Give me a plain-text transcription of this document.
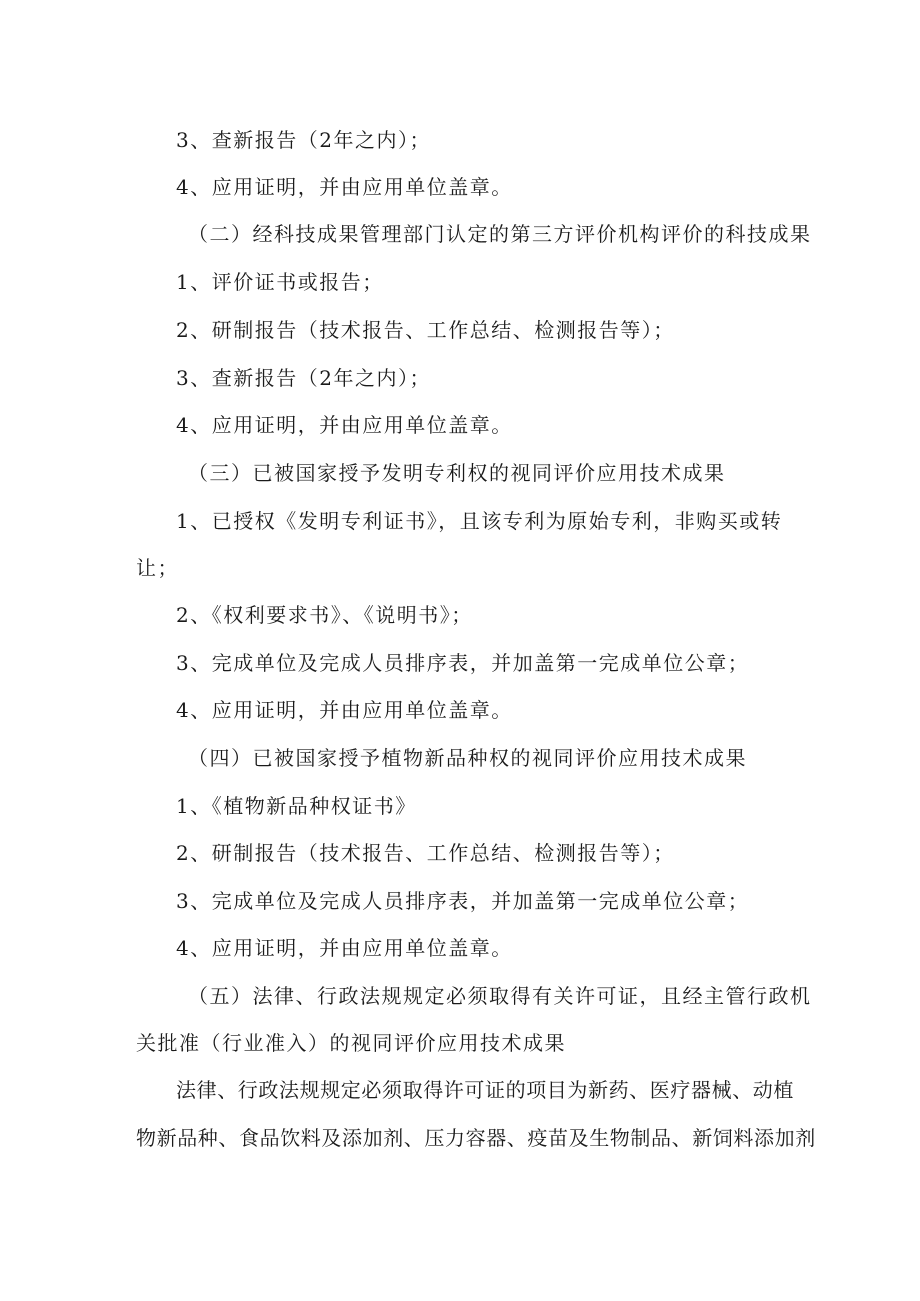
3、查新报告（2年之内）；
4、应用证明，并由应用单位盖章。
（二）经科技成果管理部门认定的第三方评价机构评价的科技成果
1、评价证书或报告；
2、研制报告（技术报告、工作总结、检测报告等）；
3、查新报告（2年之内）；
4、应用证明，并由应用单位盖章。
（三）已被国家授予发明专利权的视同评价应用技术成果
1、已授权《发明专利证书》，且该专利为原始专利，非购买或转
让；
2、《权利要求书》、《说明书》；
3、完成单位及完成人员排序表，并加盖第一完成单位公章；
4、应用证明，并由应用单位盖章。
（四）已被国家授予植物新品种权的视同评价应用技术成果
1、《植物新品种权证书》
2、研制报告（技术报告、工作总结、检测报告等）；
3、完成单位及完成人员排序表，并加盖第一完成单位公章；
4、应用证明，并由应用单位盖章。
（五）法律、行政法规规定必须取得有关许可证，且经主管行政机
关批准（行业准入）的视同评价应用技术成果
法律、行政法规规定必须取得许可证的项目为新药、医疗器械、动植
物新品种、食品饮料及添加剂、压力容器、疫苗及生物制品、新饲料添加剂
